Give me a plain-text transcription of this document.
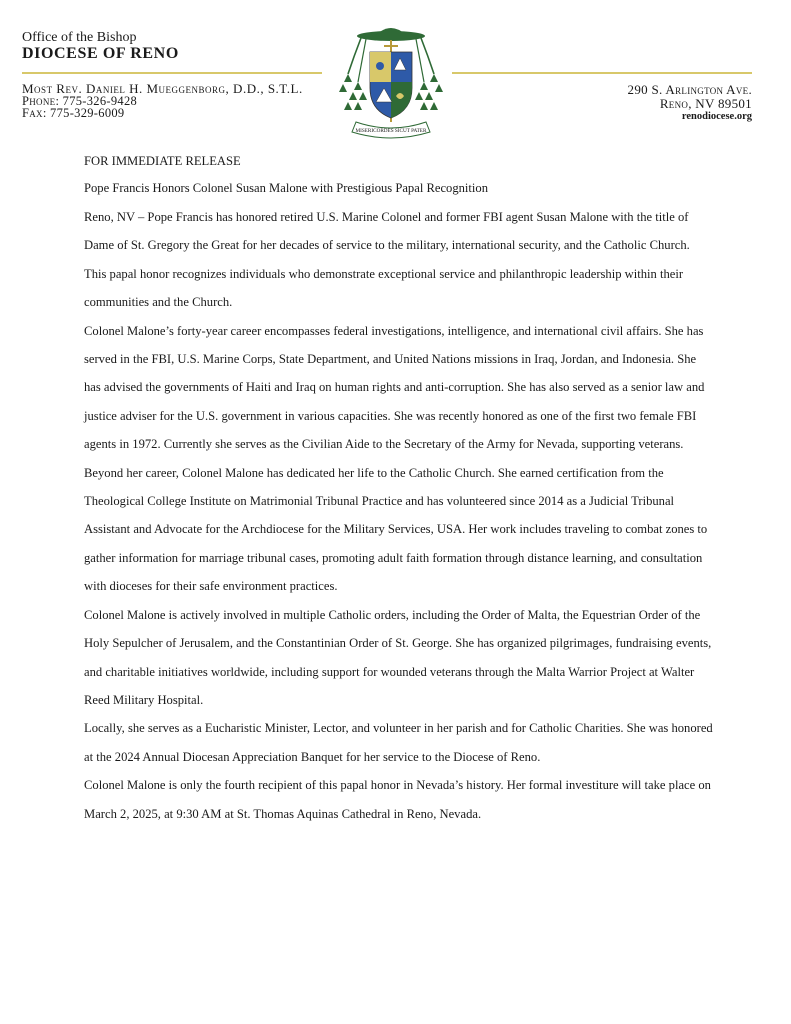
Office of the Bishop
DIOCESE OF RENO
Most Rev. Daniel H. Mueggenborg, D.D., S.T.L.
Phone: 775-326-9428
Fax: 775-329-6009
290 S. Arlington Ave.
Reno, NV 89501
renodiocese.org
MISERICORDES SICUT PATER

FOR IMMEDIATE RELEASE

Pope Francis Honors Colonel Susan Malone with Prestigious Papal Recognition

Reno, NV – Pope Francis has honored retired U.S. Marine Colonel and former FBI agent Susan Malone with the title of Dame of St. Gregory the Great for her decades of service to the military, international security, and the Catholic Church. This papal honor recognizes individuals who demonstrate exceptional service and philanthropic leadership within their communities and the Church.

Colonel Malone’s forty-year career encompasses federal investigations, intelligence, and international civil affairs. She has served in the FBI, U.S. Marine Corps, State Department, and United Nations missions in Iraq, Jordan, and Indonesia. She has advised the governments of Haiti and Iraq on human rights and anti-corruption. She has also served as a senior law and justice adviser for the U.S. government in various capacities. She was recently honored as one of the first two female FBI agents in 1972. Currently she serves as the Civilian Aide to the Secretary of the Army for Nevada, supporting veterans.

Beyond her career, Colonel Malone has dedicated her life to the Catholic Church. She earned certification from the Theological College Institute on Matrimonial Tribunal Practice and has volunteered since 2014 as a Judicial Tribunal Assistant and Advocate for the Archdiocese for the Military Services, USA. Her work includes traveling to combat zones to gather information for marriage tribunal cases, promoting adult faith formation through distance learning, and consultation with dioceses for their safe environment practices.

Colonel Malone is actively involved in multiple Catholic orders, including the Order of Malta, the Equestrian Order of the Holy Sepulcher of Jerusalem, and the Constantinian Order of St. George. She has organized pilgrimages, fundraising events, and charitable initiatives worldwide, including support for wounded veterans through the Malta Warrior Project at Walter Reed Military Hospital.

Locally, she serves as a Eucharistic Minister, Lector, and volunteer in her parish and for Catholic Charities. She was honored at the 2024 Annual Diocesan Appreciation Banquet for her service to the Diocese of Reno.

Colonel Malone is only the fourth recipient of this papal honor in Nevada’s history. Her formal investiture will take place on March 2, 2025, at 9:30 AM at St. Thomas Aquinas Cathedral in Reno, Nevada.
